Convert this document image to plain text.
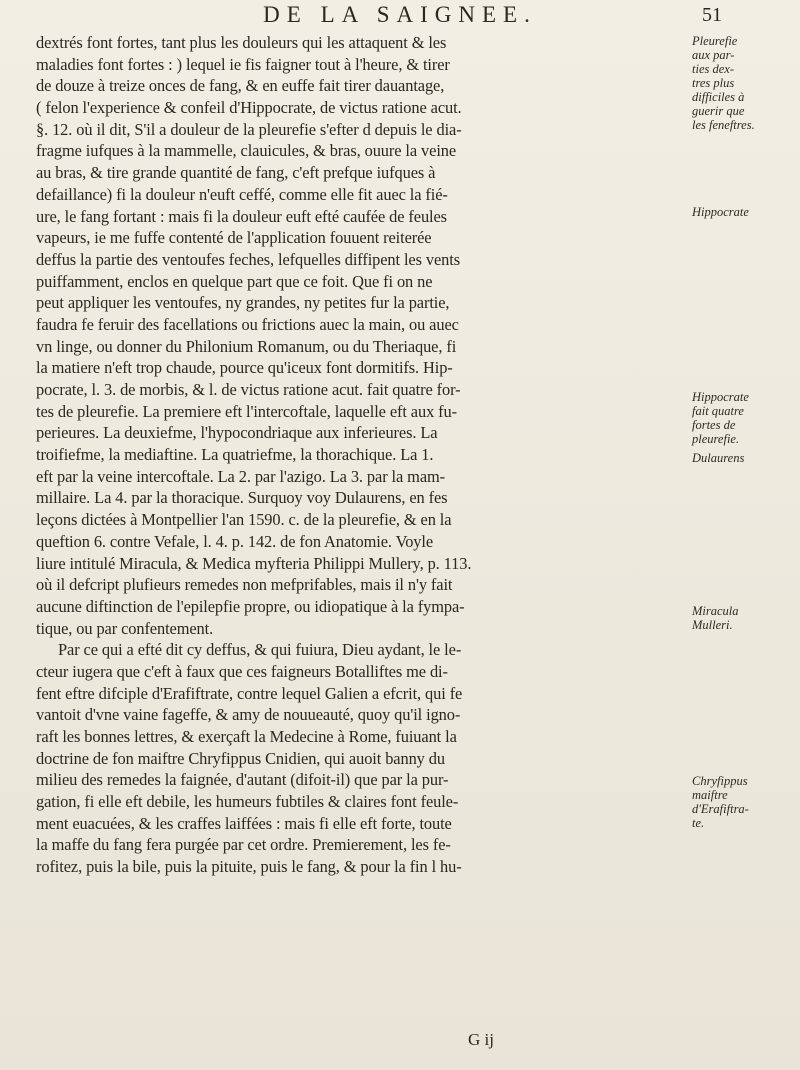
DE LA SAIGNEE.	51
dextrés font fortes, tant plus les douleurs qui les attaquent & les
maladies font fortes : ) lequel ie fis faigner tout à l'heure, & tirer
de douze à treize onces de fang, & en euffe fait tirer dauantage,
( felon l'experience & confeil d'Hippocrate, de victus ratione acut.
§. 12. où il dit, S'il a douleur de la pleurefie s'efter d depuis le dia-
fragme iufques à la mammelle, clauicules, & bras, ouure la veine
au bras, & tire grande quantité de fang, c'eft prefque iufques à
defaillance) fi la douleur n'euft ceffé, comme elle fit auec la fié-
ure, le fang fortant : mais fi la douleur euft efté caufée de feules
vapeurs, ie me fuffe contenté de l'application fouuent reiterée
deffus la partie des ventoufes feches, lefquelles diffipent les vents
puiffamment, enclos en quelque part que ce foit. Que fi on ne
peut appliquer les ventoufes, ny grandes, ny petites fur la partie,
faudra fe feruir des facellations ou frictions auec la main, ou auec
vn linge, ou donner du Philonium Romanum, ou du Theriaque, fi
la matiere n'eft trop chaude, pource qu'iceux font dormitifs. Hip-
pocrate, l. 3. de morbis, & l. de victus ratione acut. fait quatre for-
tes de pleurefie. La premiere eft l'intercoftale, laquelle eft aux fu-
perieures. La deuxiefme, l'hypocondriaque aux inferieures. La
troifiefme, la mediaftine. La quatriefme, la thorachique. La 1.
eft par la veine intercoftale. La 2. par l'azigo. La 3. par la mam-
millaire. La 4. par la thoracique. Surquoy voy Dulaurens, en fes
leçons dictées à Montpellier l'an 1590. c. de la pleurefie, & en la
queftion 6. contre Vefale, l. 4. p. 142. de fon Anatomie. Voyle
liure intitulé Miracula, & Medica myfteria Philippi Mullery, p. 113.
où il defcript plufieurs remedes non mefprifables, mais il n'y fait
aucune diftinction de l'epilepfie propre, ou idiopatique à la fympa-
tique, ou par confentement.
Par ce qui a efté dit cy deffus, & qui fuiura, Dieu aydant, le le-
cteur iugera que c'eft à faux que ces faigneurs Botalliftes me di-
fent eftre difciple d'Erafiftrate, contre lequel Galien a efcrit, qui fe
vantoit d'vne vaine fageffe, & amy de nouueauté, quoy qu'il igno-
raft les bonnes lettres, & exerçaft la Medecine à Rome, fuiuant la
doctrine de fon maiftre Chryfippus Cnidien, qui auoit banny du
milieu des remedes la faignée, d'autant (difoit-il) que par la pur-
gation, fi elle eft debile, les humeurs fubtiles & claires font feule-
ment euacuées, & les craffes laiffées : mais fi elle eft forte, toute
la maffe du fang fera purgée par cet ordre. Premierement, les fe-
rofitez, puis la bile, puis la pituite, puis le fang, & pour la fin l hu-
Pleurefie
aux par-
ties dex-
tres plus
difficiles à
guerir que
les feneftres.
Hippocrate
Hippocrate
fait quatre
fortes de
pleurefie.
Dulaurens
Miracula
Mulleri.
Chryfippus
maiftre
d'Erafiftra-
te.
G ij
